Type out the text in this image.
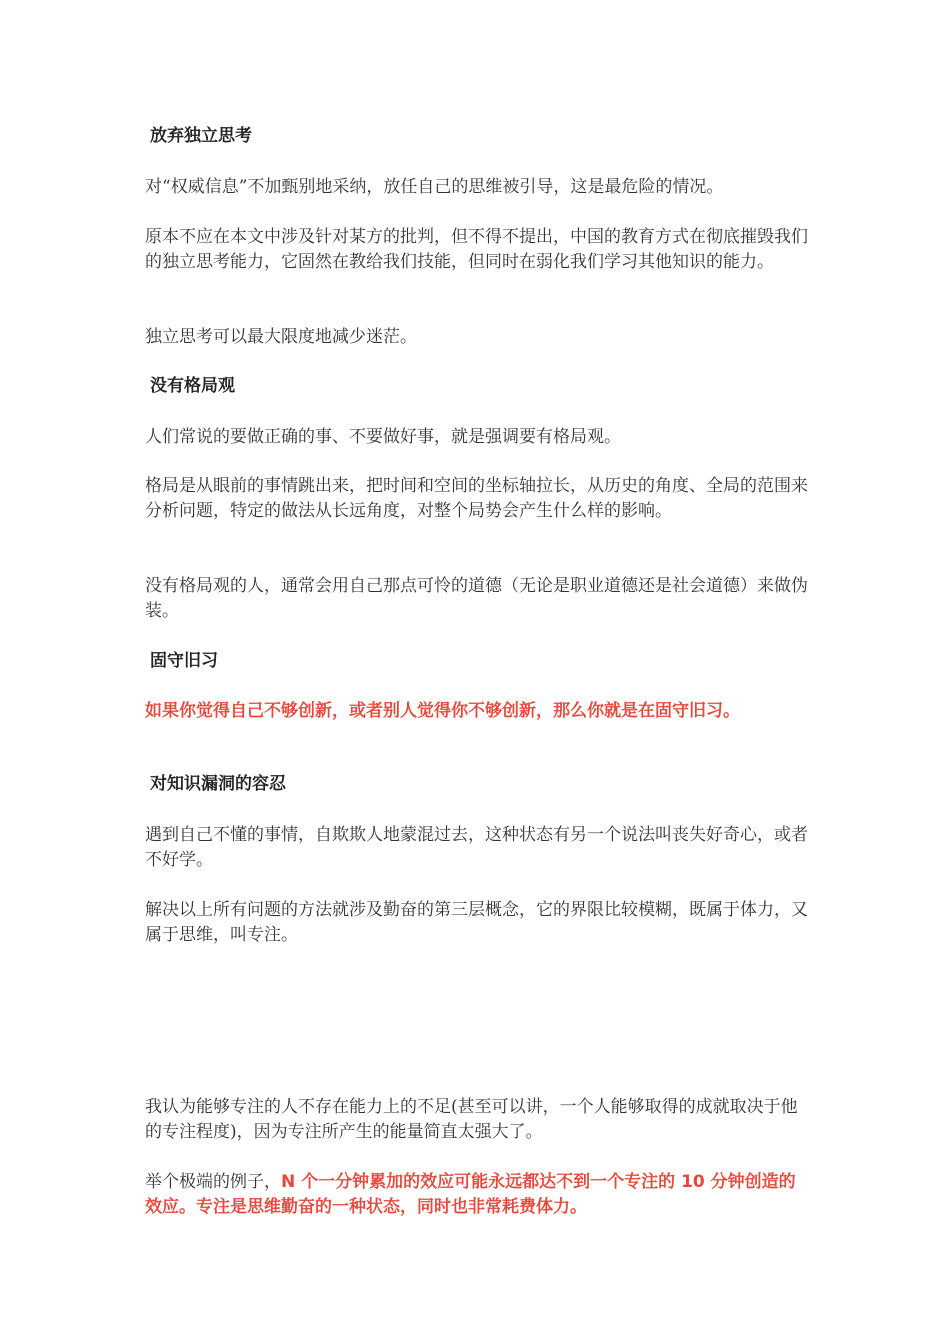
放弃独立思考

对“权威信息”不加甄别地采纳，放任自己的思维被引导，这是最危险的情况。

原本不应在本文中涉及针对某方的批判，但不得不提出，中国的教育方式在彻底摧毁我们的独立思考能力，它固然在教给我们技能，但同时在弱化我们学习其他知识的能力。

独立思考可以最大限度地减少迷茫。

没有格局观

人们常说的要做正确的事、不要做好事，就是强调要有格局观。

格局是从眼前的事情跳出来，把时间和空间的坐标轴拉长，从历史的角度、全局的范围来分析问题，特定的做法从长远角度，对整个局势会产生什么样的影响。

没有格局观的人，通常会用自己那点可怜的道德（无论是职业道德还是社会道德）来做伪装。

固守旧习

如果你觉得自己不够创新，或者别人觉得你不够创新，那么你就是在固守旧习。

对知识漏洞的容忍

遇到自己不懂的事情，自欺欺人地蒙混过去，这种状态有另一个说法叫丧失好奇心，或者不好学。

解决以上所有问题的方法就涉及勤奋的第三层概念，它的界限比较模糊，既属于体力，又属于思维，叫专注。

我认为能够专注的人不存在能力上的不足(甚至可以讲，一个人能够取得的成就取决于他的专注程度)，因为专注所产生的能量简直太强大了。

举个极端的例子，N 个一分钟累加的效应可能永远都达不到一个专注的 10 分钟创造的效应。专注是思维勤奋的一种状态，同时也非常耗费体力。
